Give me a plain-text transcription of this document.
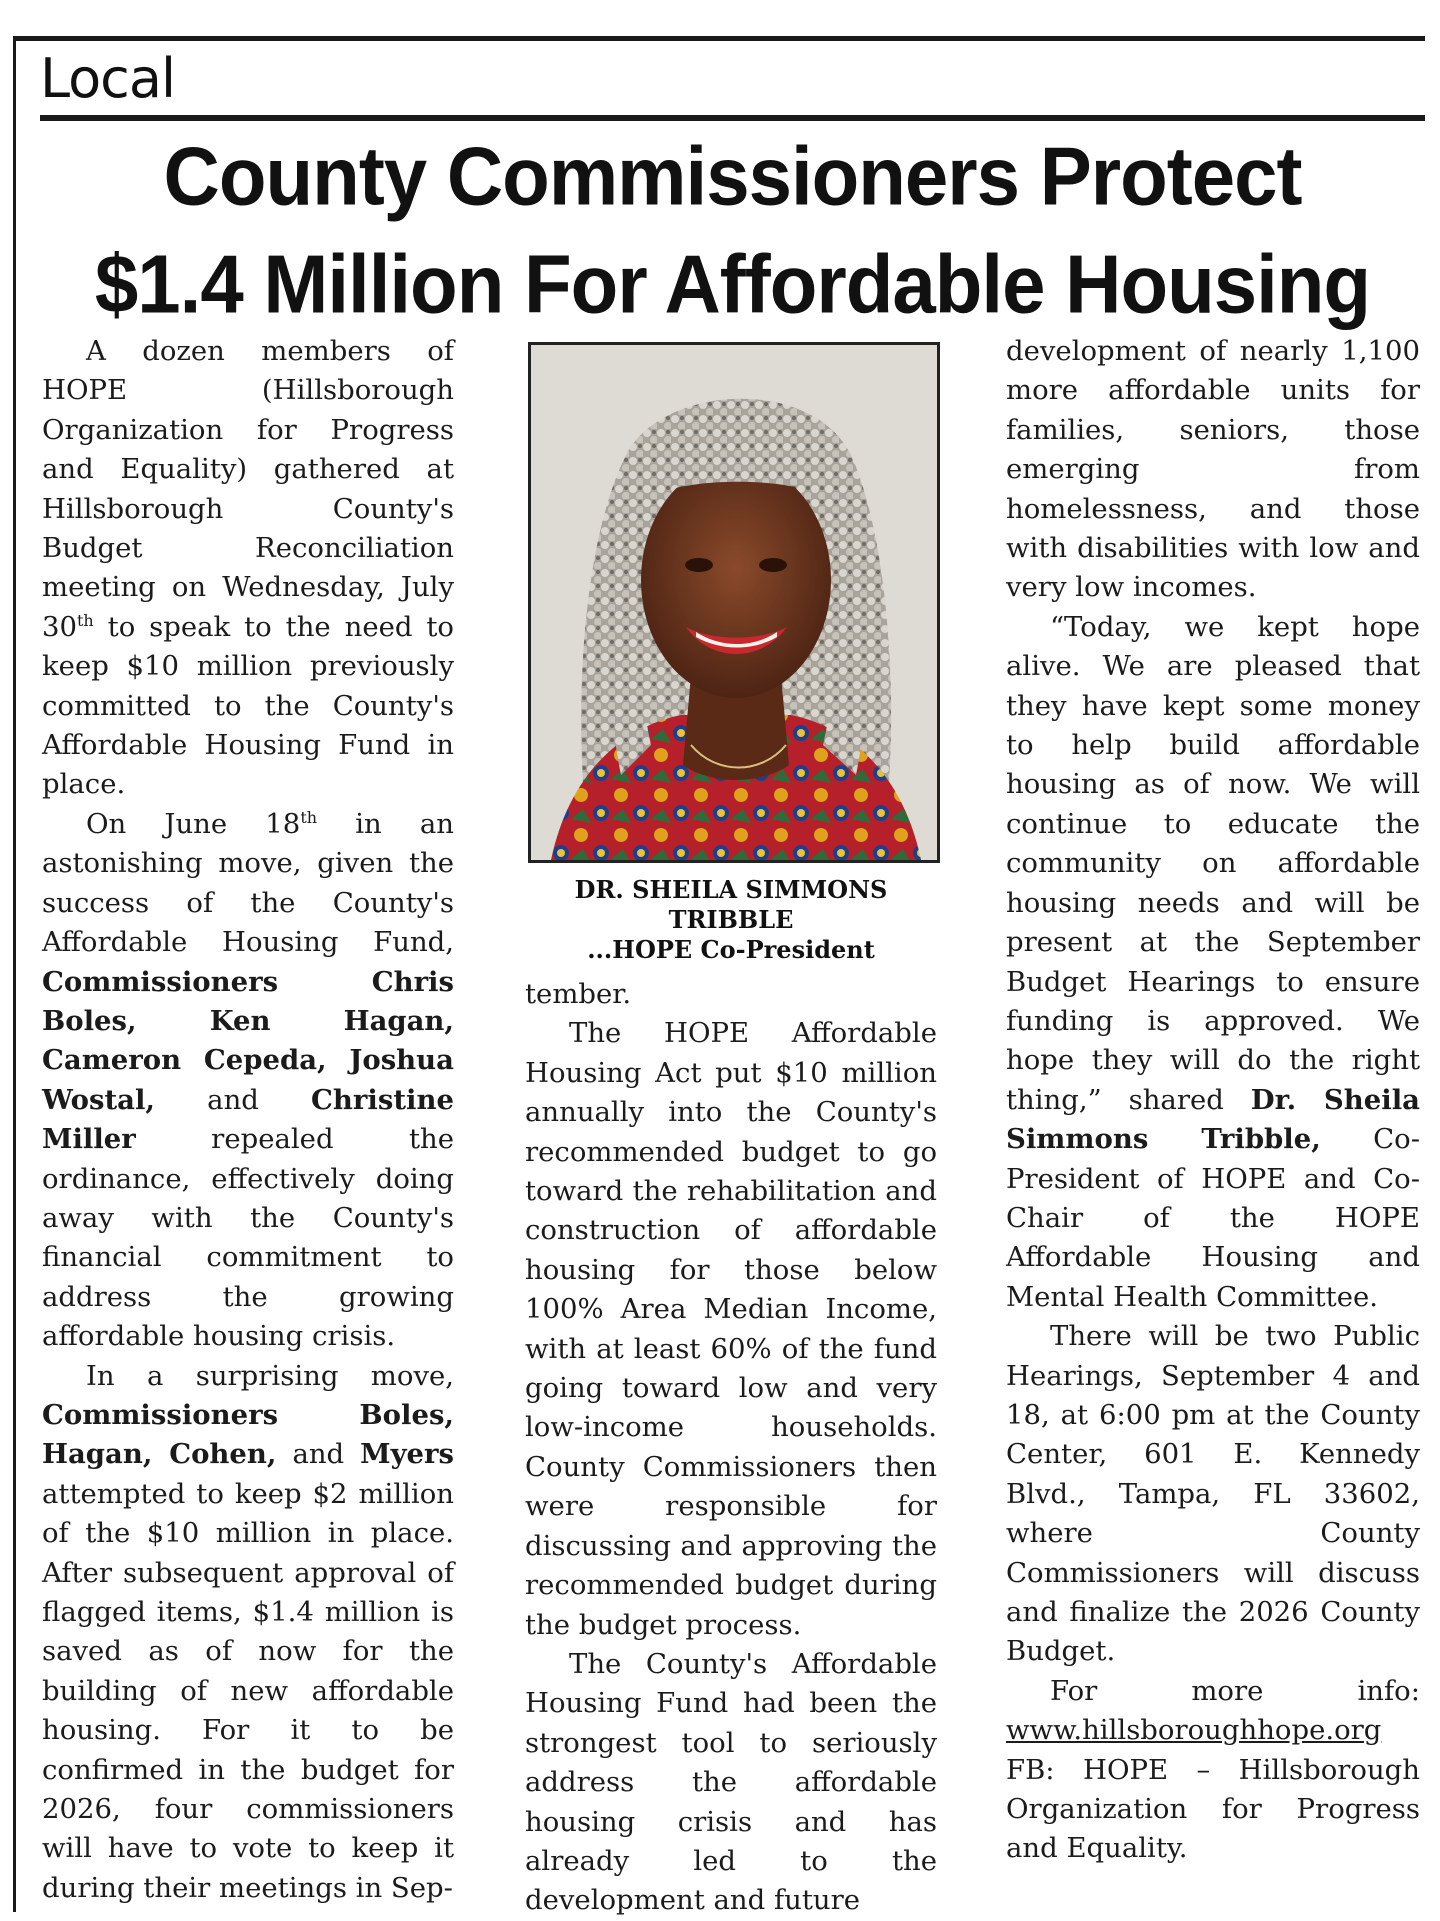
Local
County Commissioners Protect
$1.4 Million For Affordable Housing

A dozen members of HOPE (Hillsborough Organization for Progress and Equality) gathered at Hillsborough County's Budget Reconciliation meeting on Wednesday, July 30th to speak to the need to keep $10 million previously committed to the County's Affordable Housing Fund in place.

On June 18th in an astonishing move, given the success of the County's Affordable Housing Fund, Commissioners Chris Boles, Ken Hagan, Cameron Cepeda, Joshua Wostal, and Christine Miller repealed the ordinance, effectively doing away with the County's financial commitment to address the growing affordable housing crisis.

In a surprising move, Commissioners Boles, Hagan, Cohen, and Myers attempted to keep $2 million of the $10 million in place. After subsequent approval of flagged items, $1.4 million is saved as of now for the building of new affordable housing. For it to be confirmed in the budget for 2026, four commissioners will have to vote to keep it during their meetings in Sep-

DR. SHEILA SIMMONS
TRIBBLE
...HOPE Co-President

tember.

The HOPE Affordable Housing Act put $10 million annually into the County's recommended budget to go toward the rehabilitation and construction of affordable housing for those below 100% Area Median Income, with at least 60% of the fund going toward low and very low-income households. County Commissioners then were responsible for discussing and approving the recommended budget during the budget process.

The County's Affordable Housing Fund had been the strongest tool to seriously address the affordable housing crisis and has already led to the development and future

development of nearly 1,100 more affordable units for families, seniors, those emerging from homelessness, and those with disabilities with low and very low incomes.

“Today, we kept hope alive. We are pleased that they have kept some money to help build affordable housing as of now. We will continue to educate the community on affordable housing needs and will be present at the September Budget Hearings to ensure funding is approved. We hope they will do the right thing,” shared Dr. Sheila Simmons Tribble, Co-President of HOPE and Co-Chair of the HOPE Affordable Housing and Mental Health Committee.

There will be two Public Hearings, September 4 and 18, at 6:00 pm at the County Center, 601 E. Kennedy Blvd., Tampa, FL 33602, where County Commissioners will discuss and finalize the 2026 County Budget.

For more info: www.hillsboroughhope.org FB: HOPE – Hillsborough Organization for Progress and Equality.
